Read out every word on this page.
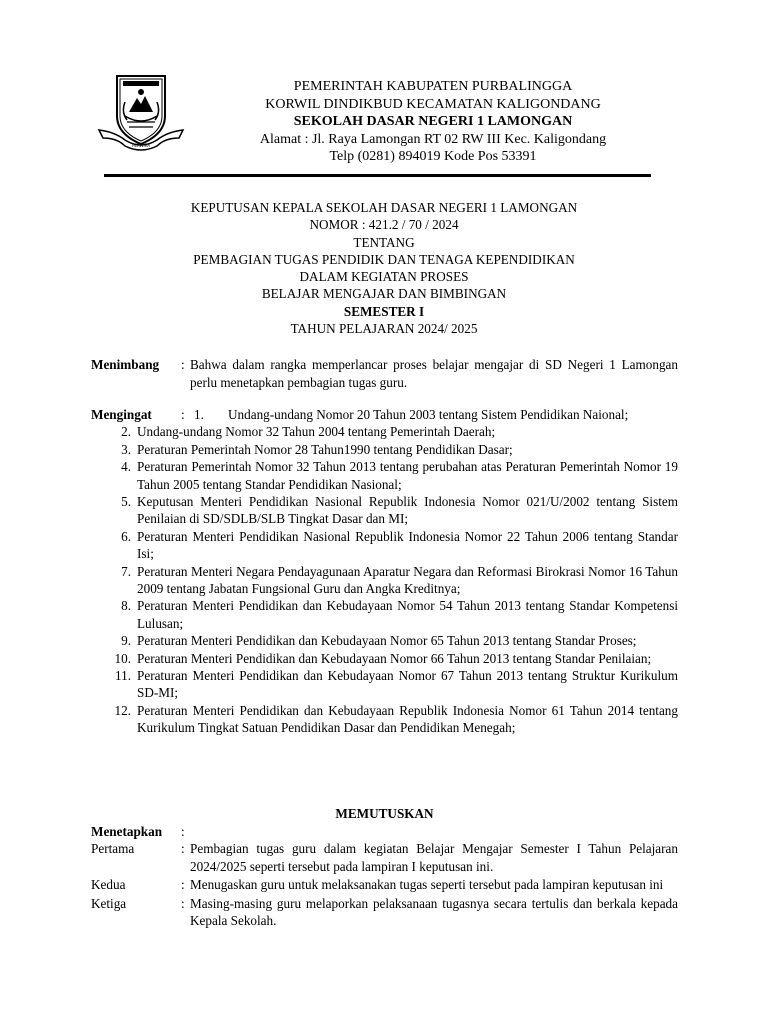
PERWIRA
PEMERINTAH KABUPATEN PURBALINGGA
KORWIL DINDIKBUD KECAMATAN KALIGONDANG
SEKOLAH DASAR NEGERI 1 LAMONGAN
Alamat : Jl. Raya Lamongan RT 02 RW III Kec. Kaligondang
Telp (0281) 894019 Kode Pos 53391
KEPUTUSAN KEPALA SEKOLAH DASAR NEGERI 1 LAMONGAN
NOMOR : 421.2 / 70 / 2024
TENTANG
PEMBAGIAN TUGAS PENDIDIK DAN TENAGA KEPENDIDIKAN
DALAM KEGIATAN PROSES
BELAJAR MENGAJAR DAN BIMBINGAN
SEMESTER I
TAHUN PELAJARAN 2024/ 2025
Menimbang : Bahwa dalam rangka memperlancar proses belajar mengajar di SD Negeri 1 Lamongan perlu menetapkan pembagian tugas guru.
Mengingat : 1. Undang-undang Nomor 20 Tahun 2003 tentang Sistem Pendidikan Naional;
2. Undang-undang Nomor 32 Tahun 2004 tentang Pemerintah Daerah;
3. Peraturan Pemerintah Nomor 28 Tahun1990 tentang Pendidikan Dasar;
4. Peraturan Pemerintah Nomor 32 Tahun 2013 tentang perubahan atas Peraturan Pemerintah Nomor 19 Tahun 2005 tentang Standar Pendidikan Nasional;
5. Keputusan Menteri Pendidikan Nasional Republik Indonesia Nomor 021/U/2002 tentang Sistem Penilaian di SD/SDLB/SLB Tingkat Dasar dan MI;
6. Peraturan Menteri Pendidikan Nasional Republik Indonesia Nomor 22 Tahun 2006 tentang Standar Isi;
7. Peraturan Menteri Negara Pendayagunaan Aparatur Negara dan Reformasi Birokrasi Nomor 16 Tahun 2009 tentang Jabatan Fungsional Guru dan Angka Kreditnya;
8. Peraturan Menteri Pendidikan dan Kebudayaan Nomor 54 Tahun 2013 tentang Standar Kompetensi Lulusan;
9. Peraturan Menteri Pendidikan dan Kebudayaan Nomor 65 Tahun 2013 tentang Standar Proses;
10. Peraturan Menteri Pendidikan dan Kebudayaan Nomor 66 Tahun 2013 tentang Standar Penilaian;
11. Peraturan Menteri Pendidikan dan Kebudayaan Nomor 67 Tahun 2013 tentang Struktur Kurikulum SD-MI;
12. Peraturan Menteri Pendidikan dan Kebudayaan Republik Indonesia Nomor 61 Tahun 2014 tentang Kurikulum Tingkat Satuan Pendidikan Dasar dan Pendidikan Menegah;
MEMUTUSKAN
Menetapkan :
Pertama	: Pembagian tugas guru dalam kegiatan Belajar Mengajar Semester I Tahun Pelajaran 2024/2025 seperti tersebut pada lampiran I keputusan ini.
Kedua	: Menugaskan guru untuk melaksanakan tugas seperti tersebut pada lampiran keputusan ini
Ketiga	: Masing-masing guru melaporkan pelaksanaan tugasnya secara tertulis dan berkala kepada Kepala Sekolah.
